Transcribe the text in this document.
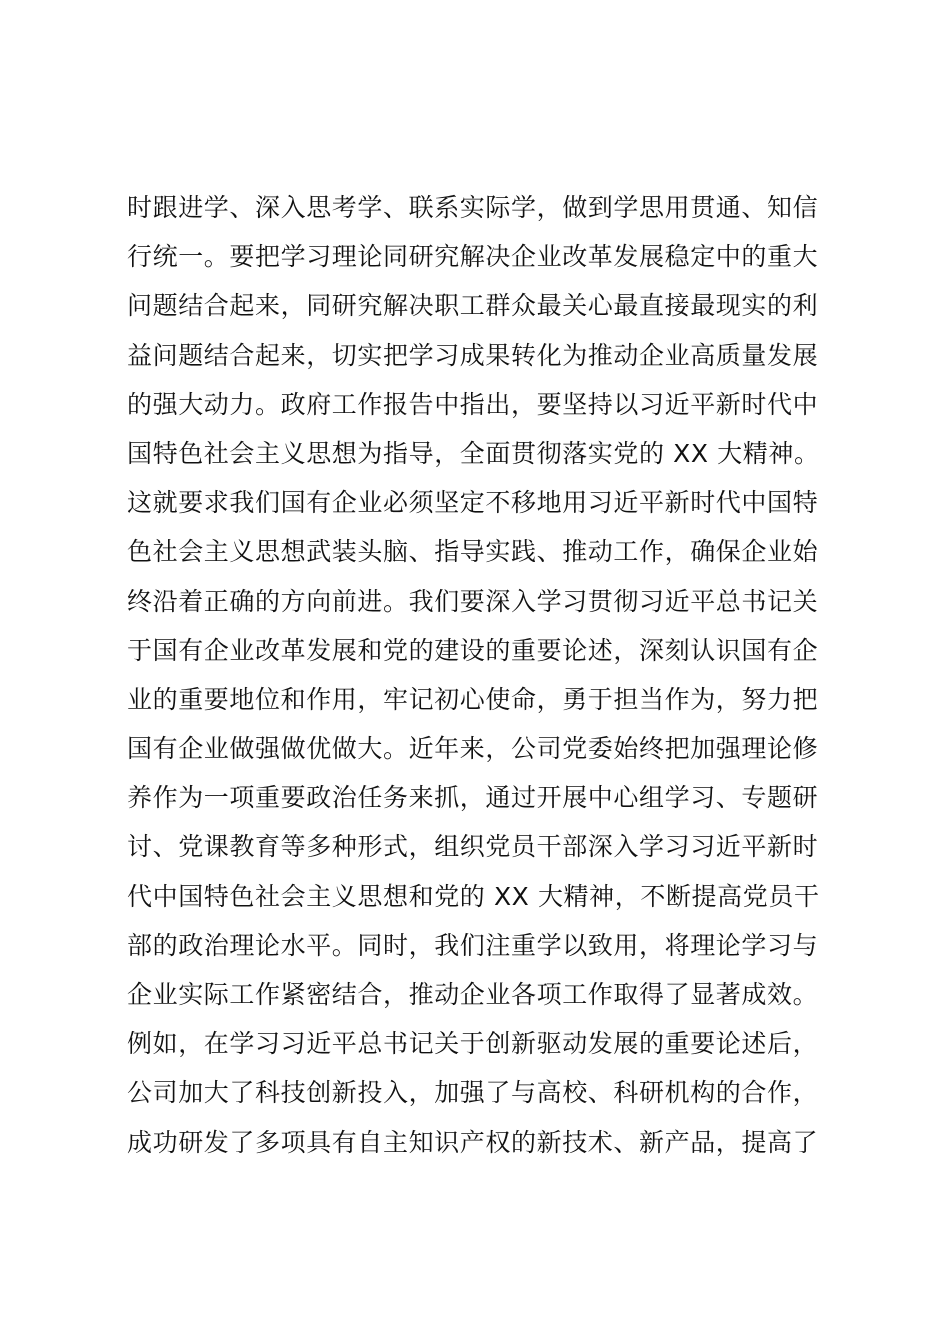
时跟进学、深入思考学、联系实际学，做到学思用贯通、知信
行统一。要把学习理论同研究解决企业改革发展稳定中的重大
问题结合起来，同研究解决职工群众最关心最直接最现实的利
益问题结合起来，切实把学习成果转化为推动企业高质量发展
的强大动力。政府工作报告中指出，要坚持以习近平新时代中
国特色社会主义思想为指导，全面贯彻落实党的 XX 大精神。
这就要求我们国有企业必须坚定不移地用习近平新时代中国特
色社会主义思想武装头脑、指导实践、推动工作，确保企业始
终沿着正确的方向前进。我们要深入学习贯彻习近平总书记关
于国有企业改革发展和党的建设的重要论述，深刻认识国有企
业的重要地位和作用，牢记初心使命，勇于担当作为，努力把
国有企业做强做优做大。近年来，公司党委始终把加强理论修
养作为一项重要政治任务来抓，通过开展中心组学习、专题研
讨、党课教育等多种形式，组织党员干部深入学习习近平新时
代中国特色社会主义思想和党的 XX 大精神，不断提高党员干
部的政治理论水平。同时，我们注重学以致用，将理论学习与
企业实际工作紧密结合，推动企业各项工作取得了显著成效。
例如，在学习习近平总书记关于创新驱动发展的重要论述后，
公司加大了科技创新投入，加强了与高校、科研机构的合作，
成功研发了多项具有自主知识产权的新技术、新产品，提高了
